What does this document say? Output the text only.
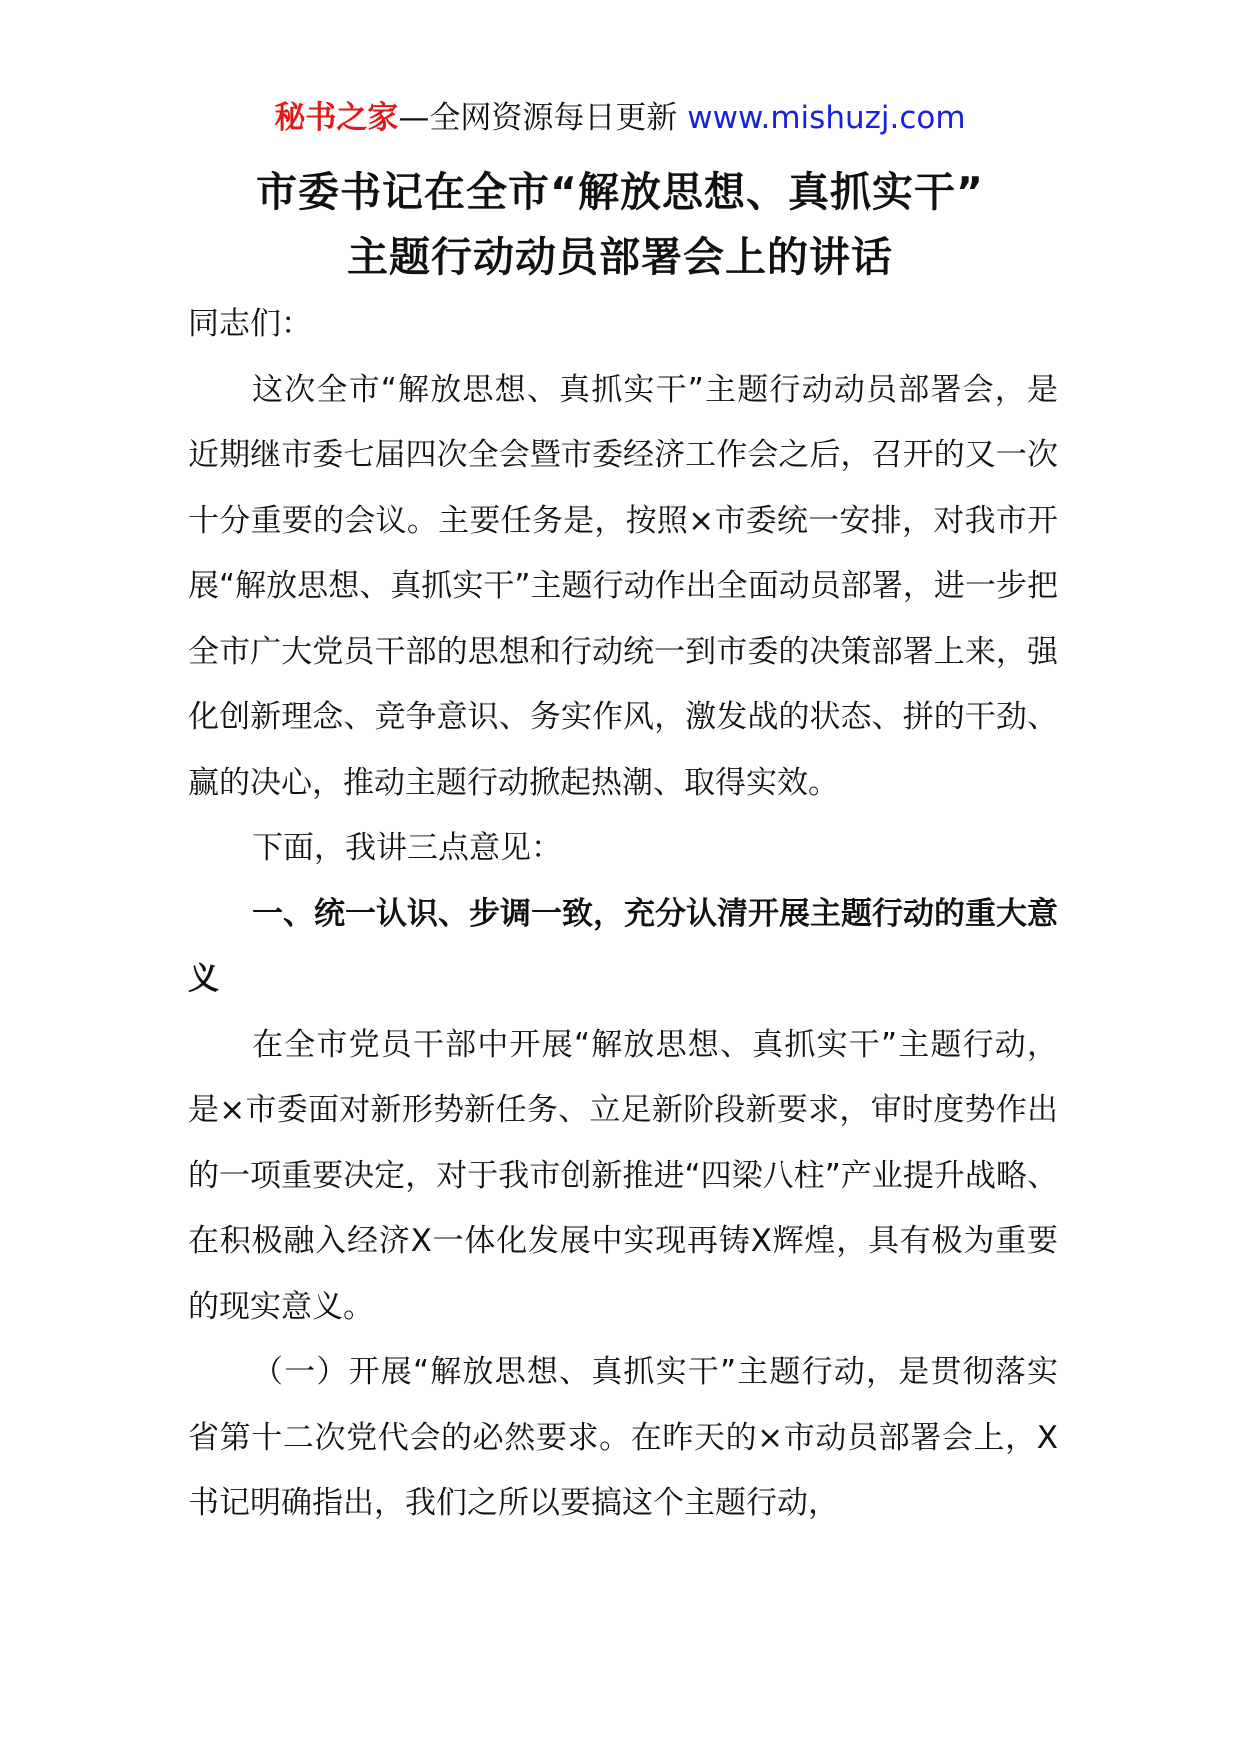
秘书之家—全网资源每日更新 www.mishuzj.com
市委书记在全市“解放思想、真抓实干”
主题行动动员部署会上的讲话

同志们：

这次全市“解放思想、真抓实干”主题行动动员部署会，是近期继市委七届四次全会暨市委经济工作会之后，召开的又一次十分重要的会议。主要任务是，按照×市委统一安排，对我市开展“解放思想、真抓实干”主题行动作出全面动员部署，进一步把全市广大党员干部的思想和行动统一到市委的决策部署上来，强化创新理念、竞争意识、务实作风，激发战的状态、拼的干劲、赢的决心，推动主题行动掀起热潮、取得实效。

下面，我讲三点意见：

一、统一认识、步调一致，充分认清开展主题行动的重大意义

在全市党员干部中开展“解放思想、真抓实干”主题行动，是×市委面对新形势新任务、立足新阶段新要求，审时度势作出的一项重要决定，对于我市创新推进“四梁八柱”产业提升战略、在积极融入经济X一体化发展中实现再铸X辉煌，具有极为重要的现实意义。

（一）开展“解放思想、真抓实干”主题行动，是贯彻落实省第十二次党代会的必然要求。在昨天的×市动员部署会上，X书记明确指出，我们之所以要搞这个主题行动，
